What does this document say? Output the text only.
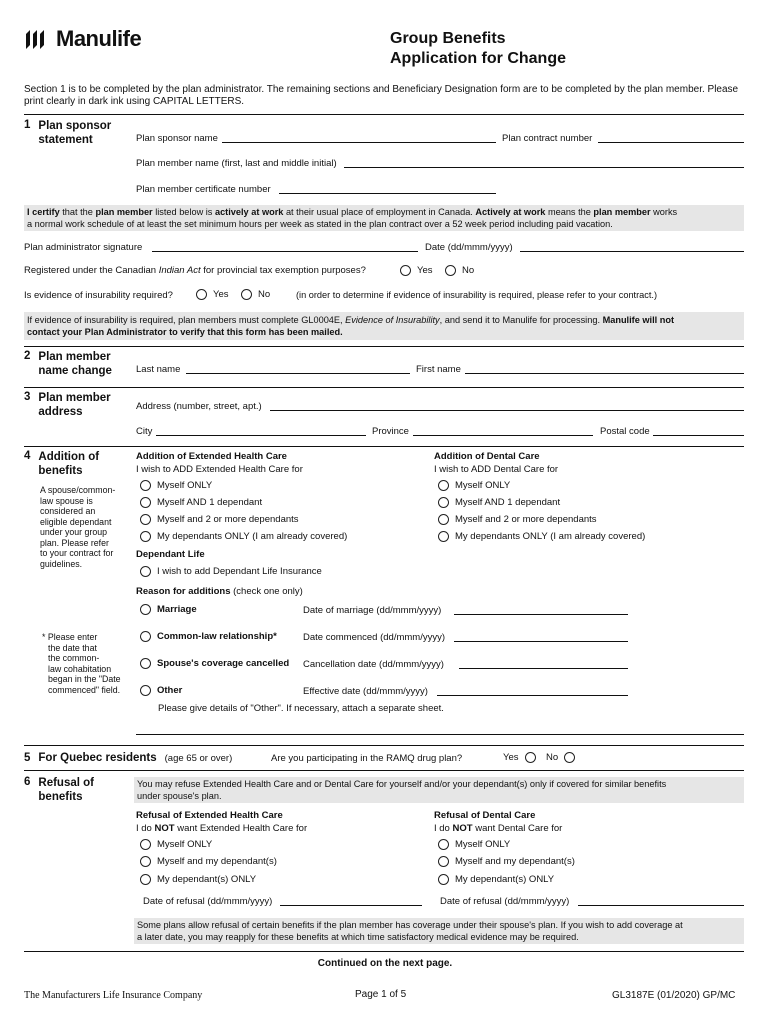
Manulife	Group Benefits
Application for Change
Section 1 is to be completed by the plan administrator. The remaining sections and Beneficiary Designation form are to be completed by the plan member. Please print clearly in dark ink using CAPITAL LETTERS.
1 Plan sponsor
statement	Plan sponsor name	Plan contract number
Plan member name (first, last and middle initial)
Plan member certificate number
I certify that the plan member listed below is actively at work at their usual place of employment in Canada. Actively at work means the plan member works
a normal work schedule of at least the set minimum hours per week as stated in the plan contract over a 52 week period including paid vacation.
Plan administrator signature	Date (dd/mmm/yyyy)
Registered under the Canadian Indian Act for provincial tax exemption purposes?	Yes	No
Is evidence of insurability required?	Yes	No	(in order to determine if evidence of insurability is required, please refer to your contract.)
If evidence of insurability is required, plan members must complete GL0004E, Evidence of Insurability, and send it to Manulife for processing. Manulife will not
contact your Plan Administrator to verify that this form has been mailed.
2 Plan member
name change	Last name	First name
3 Plan member
address	Address (number, street, apt.)
City	Province	Postal code
4 Addition of
benefits
A spouse/common-
law spouse is
considered an
eligible dependant
under your group
plan. Please refer
to your contract for
guidelines.
Addition of Extended Health Care
I wish to ADD Extended Health Care for
Myself ONLY
Myself AND 1 dependant
Myself and 2 or more dependants
My dependants ONLY (I am already covered)
Addition of Dental Care
I wish to ADD Dental Care for
Myself ONLY
Myself AND 1 dependant
Myself and 2 or more dependants
My dependants ONLY (I am already covered)
Dependant Life
I wish to add Dependant Life Insurance
Reason for additions (check one only)
Marriage	Date of marriage (dd/mmm/yyyy)
* Please enter
the date that
the common-
law cohabitation
began in the "Date
commenced" field.
Common-law relationship*	Date commenced (dd/mmm/yyyy)
Spouse's coverage cancelled Cancellation date (dd/mmm/yyyy)
Other	Effective date (dd/mmm/yyyy)
Please give details of "Other". If necessary, attach a separate sheet.
5 For Quebec residents (age 65 or over)	Are you participating in the RAMQ drug plan?	Yes	No
6 Refusal of
benefits
You may refuse Extended Health Care and or Dental Care for yourself and/or your dependant(s) only if covered for similar benefits
under spouse's plan.
Refusal of Extended Health Care
I do NOT want Extended Health Care for
Myself ONLY
Myself and my dependant(s)
My dependant(s) ONLY
Refusal of Dental Care
I do NOT want Dental Care for
Myself ONLY
Myself and my dependant(s)
My dependant(s) ONLY
Date of refusal (dd/mmm/yyyy)	Date of refusal (dd/mmm/yyyy)
Some plans allow refusal of certain benefits if the plan member has coverage under their spouse's plan. If you wish to add coverage at
a later date, you may reapply for these benefits at which time satisfactory medical evidence may be required.
Continued on the next page.
The Manufacturers Life Insurance Company	Page 1 of 5	GL3187E (01/2020) GP/MC
